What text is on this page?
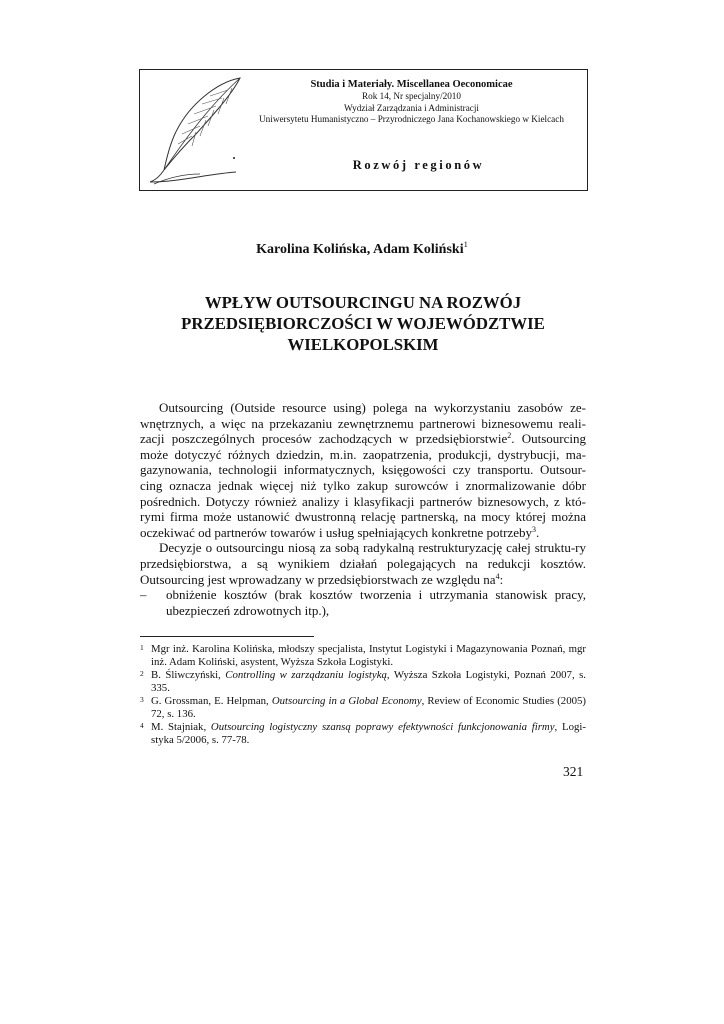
Studia i Materiały. Miscellanea Oeconomicae
Rok 14, Nr specjalny/2010
Wydział Zarządzania i Administracji
Uniwersytetu Humanistyczno – Przyrodniczego Jana Kochanowskiego w Kielcach
Rozwój regionów
Karolina Kolińska, Adam Koliński$^1$
WPŁYW OUTSOURCINGU NA ROZWÓJ
PRZEDSIĘBIORCZOŚCI W WOJEWÓDZTWIE
WIELKOPOLSKIM

Outsourcing (Outside resource using) polega na wykorzystaniu zasobów ze-wnętrznych, a więc na przekazaniu zewnętrznemu partnerowi biznesowemu reali-zacji poszczególnych procesów zachodzących w przedsiębiorstwie$^2$. Outsourcing może dotyczyć różnych dziedzin, m.in. zaopatrzenia, produkcji, dystrybucji, ma-gazynowania, technologii informatycznych, księgowości czy transportu. Outsour-cing oznacza jednak więcej niż tylko zakup surowców i znormalizowanie dóbr pośrednich. Dotyczy również analizy i klasyfikacji partnerów biznesowych, z któ-rymi firma może ustanowić dwustronną relację partnerską, na mocy której można oczekiwać od partnerów towarów i usług spełniających konkretne potrzeby$^3$.

Decyzje o outsourcingu niosą za sobą radykalną restrukturyzację całej struktu-ry przedsiębiorstwa, a są wynikiem działań polegających na redukcji kosztów. Outsourcing jest wprowadzany w przedsiębiorstwach ze względu $na^4$:

–	obniżenie kosztów (brak kosztów tworzenia i utrzymania stanowisk pracy, ubezpieczeń zdrowotnych itp.),
1 Mgr inż. Karolina Kolińska, młodszy specjalista, Instytut Logistyki i Magazynowania Poznań, mgr inż. Adam Koliński, asystent, Wyższa Szkoła Logistyki.
2 B. Śliwczyński, Controlling w zarządzaniu logistyką, Wyższa Szkoła Logistyki, Poznań 2007, s. 335.
3 G. Grossman, E. Helpman, Outsourcing in a Global Economy, Review of Economic Studies (2005) 72, s. 136.
4 M. Stajniak, Outsourcing logistyczny szansą poprawy efektywności funkcjonowania firmy, Logi-styka 5/2006, s. 77-78.
321
